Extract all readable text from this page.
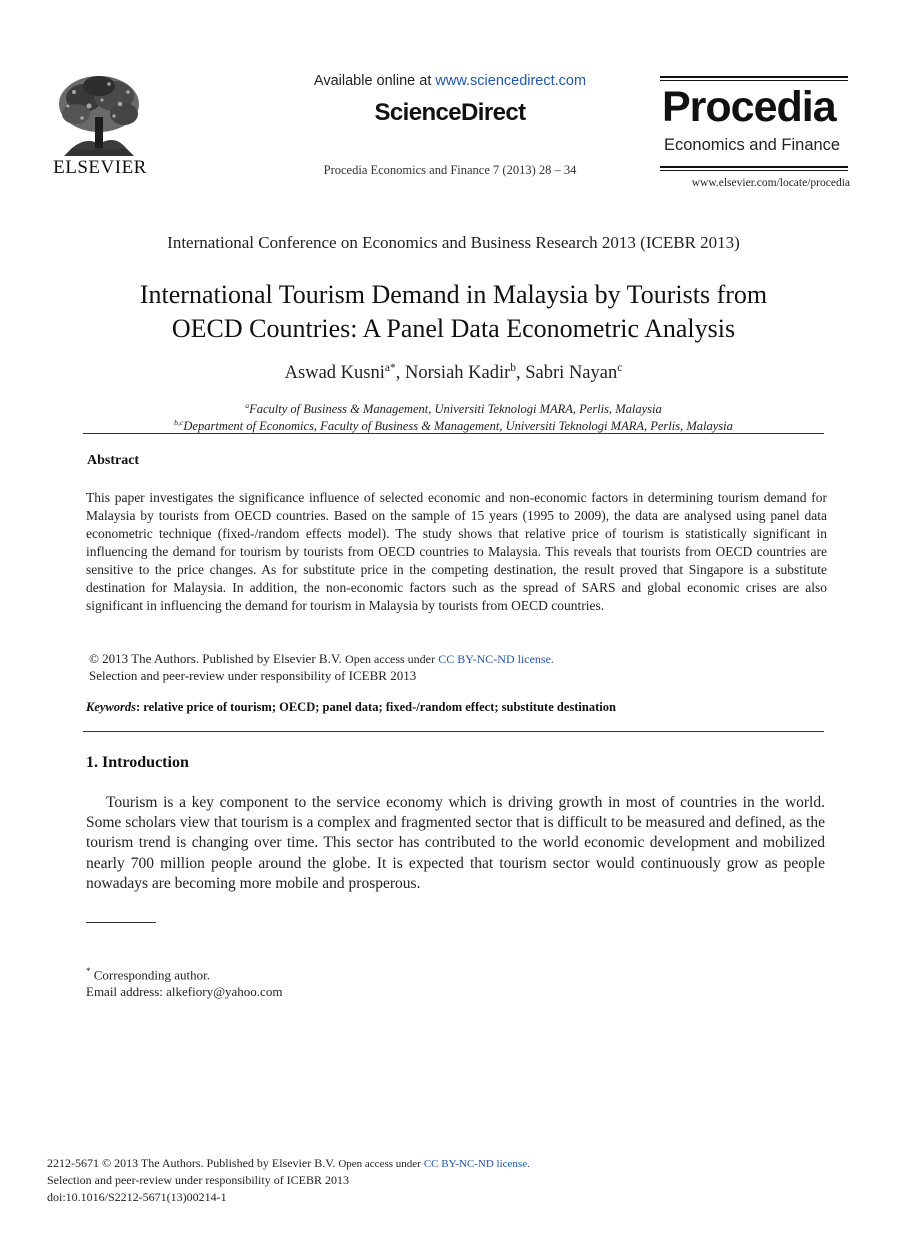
ELSEVIER
Available online at www.sciencedirect.com
ScienceDirect
Procedia Economics and Finance 7 (2013) 28 – 34
Procedia
Economics and Finance
www.elsevier.com/locate/procedia
International Conference on Economics and Business Research 2013 (ICEBR 2013)
International Tourism Demand in Malaysia by Tourists from
OECD Countries: A Panel Data Econometric Analysis
Aswad Kusni$^{a*}$, Norsiah Kadir$^b$, Sabri Nayan$^c$
$^a$Faculty of Business & Management, Universiti Teknologi MARA, Perlis, Malaysia
$^{b,c}$Department of Economics, Faculty of Business & Management, Universiti Teknologi MARA, Perlis, Malaysia
Abstract

This paper investigates the significance influence of selected economic and non-economic factors in determining tourism demand for Malaysia by tourists from OECD countries. Based on the sample of 15 years (1995 to 2009), the data are analysed using panel data econometric technique (fixed-/random effects model). The study shows that relative price of tourism is statistically significant in influencing the demand for tourism by tourists from OECD countries to Malaysia. This reveals that tourists from OECD countries are sensitive to the price changes. As for substitute price in the competing destination, the result proved that Singapore is a substitute destination for Malaysia. In addition, the non-economic factors such as the spread of SARS and global economic crises are also significant in influencing the demand for tourism in Malaysia by tourists from OECD countries.

© 2013 The Authors. Published by Elsevier B.V. Open access under CC BY-NC-ND license.
Selection and peer-review under responsibility of ICEBR 2013
Keywords: relative price of tourism; OECD; panel data; fixed-/random effect; substitute destination
1. Introduction

Tourism is a key component to the service economy which is driving growth in most of countries in the world. Some scholars view that tourism is a complex and fragmented sector that is difficult to be measured and defined, as the tourism trend is changing over time. This sector has contributed to the world economic development and mobilized nearly 700 million people around the globe. It is expected that tourism sector would continuously grow as people nowadays are becoming more mobile and prosperous.

* Corresponding author.
Email address: alkefiory@yahoo.com
2212-5671 © 2013 The Authors. Published by Elsevier B.V. Open access under CC BY-NC-ND license.
Selection and peer-review under responsibility of ICEBR 2013
doi:10.1016/S2212-5671(13)00214-1
